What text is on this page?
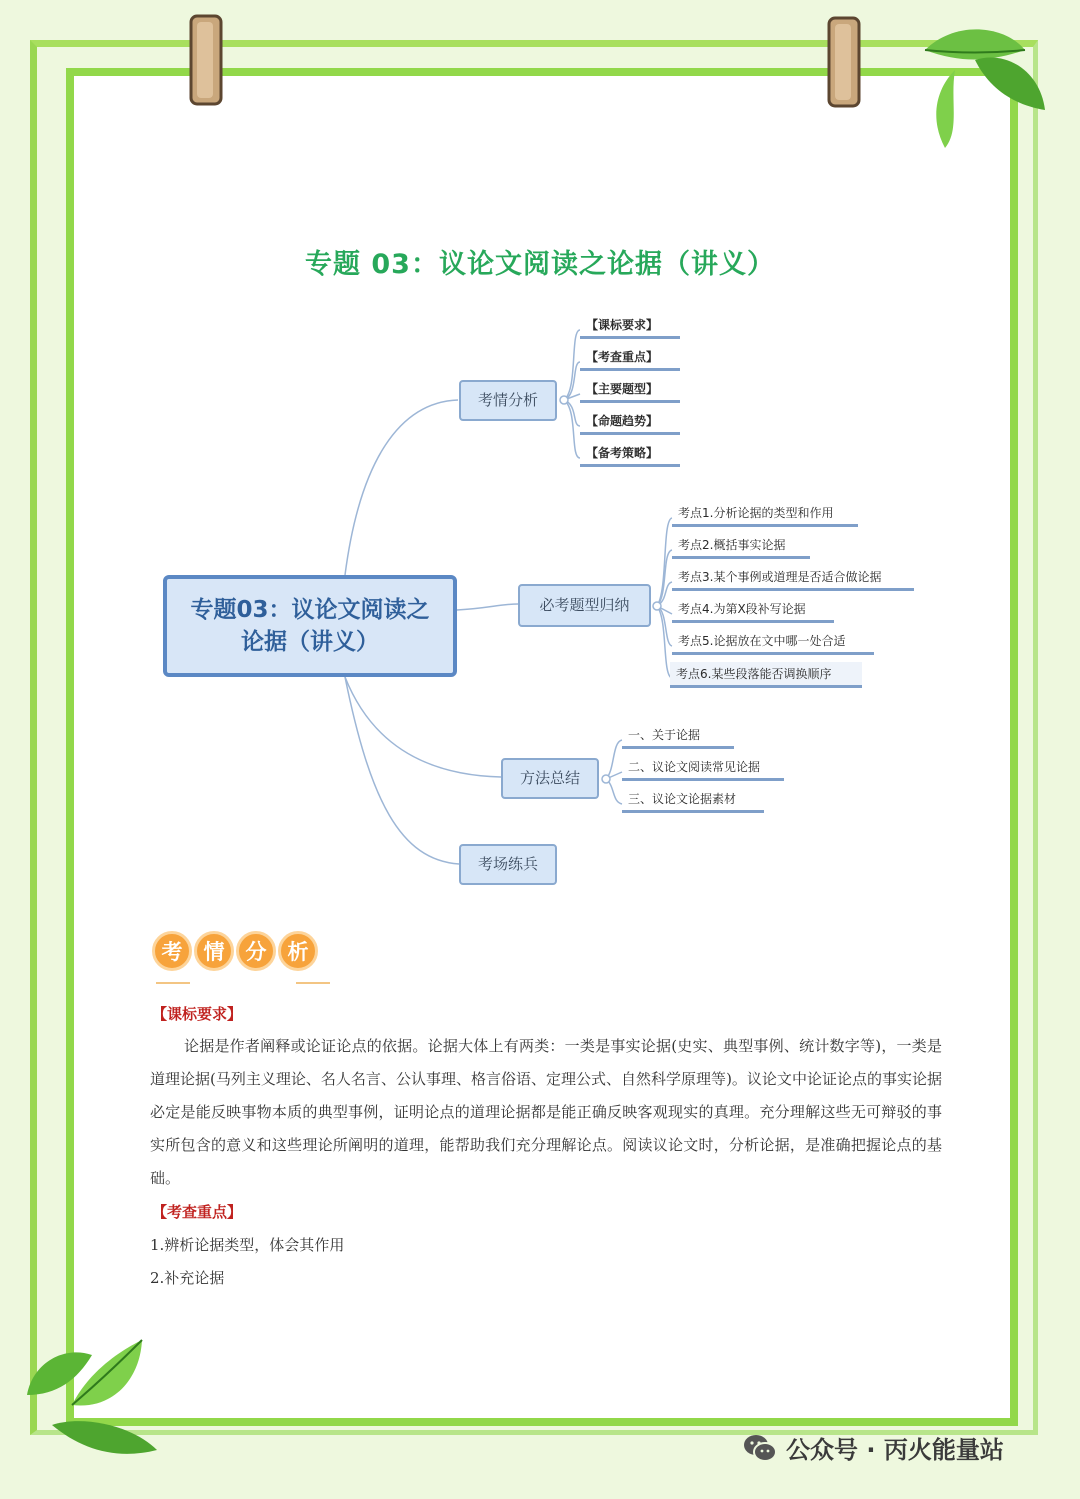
专题 03：议论文阅读之论据（讲义）
专题03：议论文阅读之论据（讲义）
考情分析
必考题型归纳
方法总结
考场练兵
【课标要求】
【考查重点】
【主要题型】
【命题趋势】
【备考策略】
考点1.分析论据的类型和作用
考点2.概括事实论据
考点3.某个事例或道理是否适合做论据
考点4.为第X段补写论据
考点5.论据放在文中哪一处合适
考点6.某些段落能否调换顺序
一、关于论据
二、议论文阅读常见论据
三、议论文论据素材
考	情	分	析
【课标要求】
论据是作者阐释或论证论点的依据。论据大体上有两类：一类是事实论据(史实、典型事例、统计数字等)，一类是道理论据(马列主义理论、名人名言、公认事理、格言俗语、定理公式、自然科学原理等)。议论文中论证论点的事实论据必定是能反映事物本质的典型事例，证明论点的道理论据都是能正确反映客观现实的真理。充分理解这些无可辩驳的事实所包含的意义和这些理论所阐明的道理，能帮助我们充分理解论点。阅读议论文时，分析论据，是准确把握论点的基础。
【考查重点】
1.辨析论据类型，体会其作用
2.补充论据
公众号 · 丙火能量站
